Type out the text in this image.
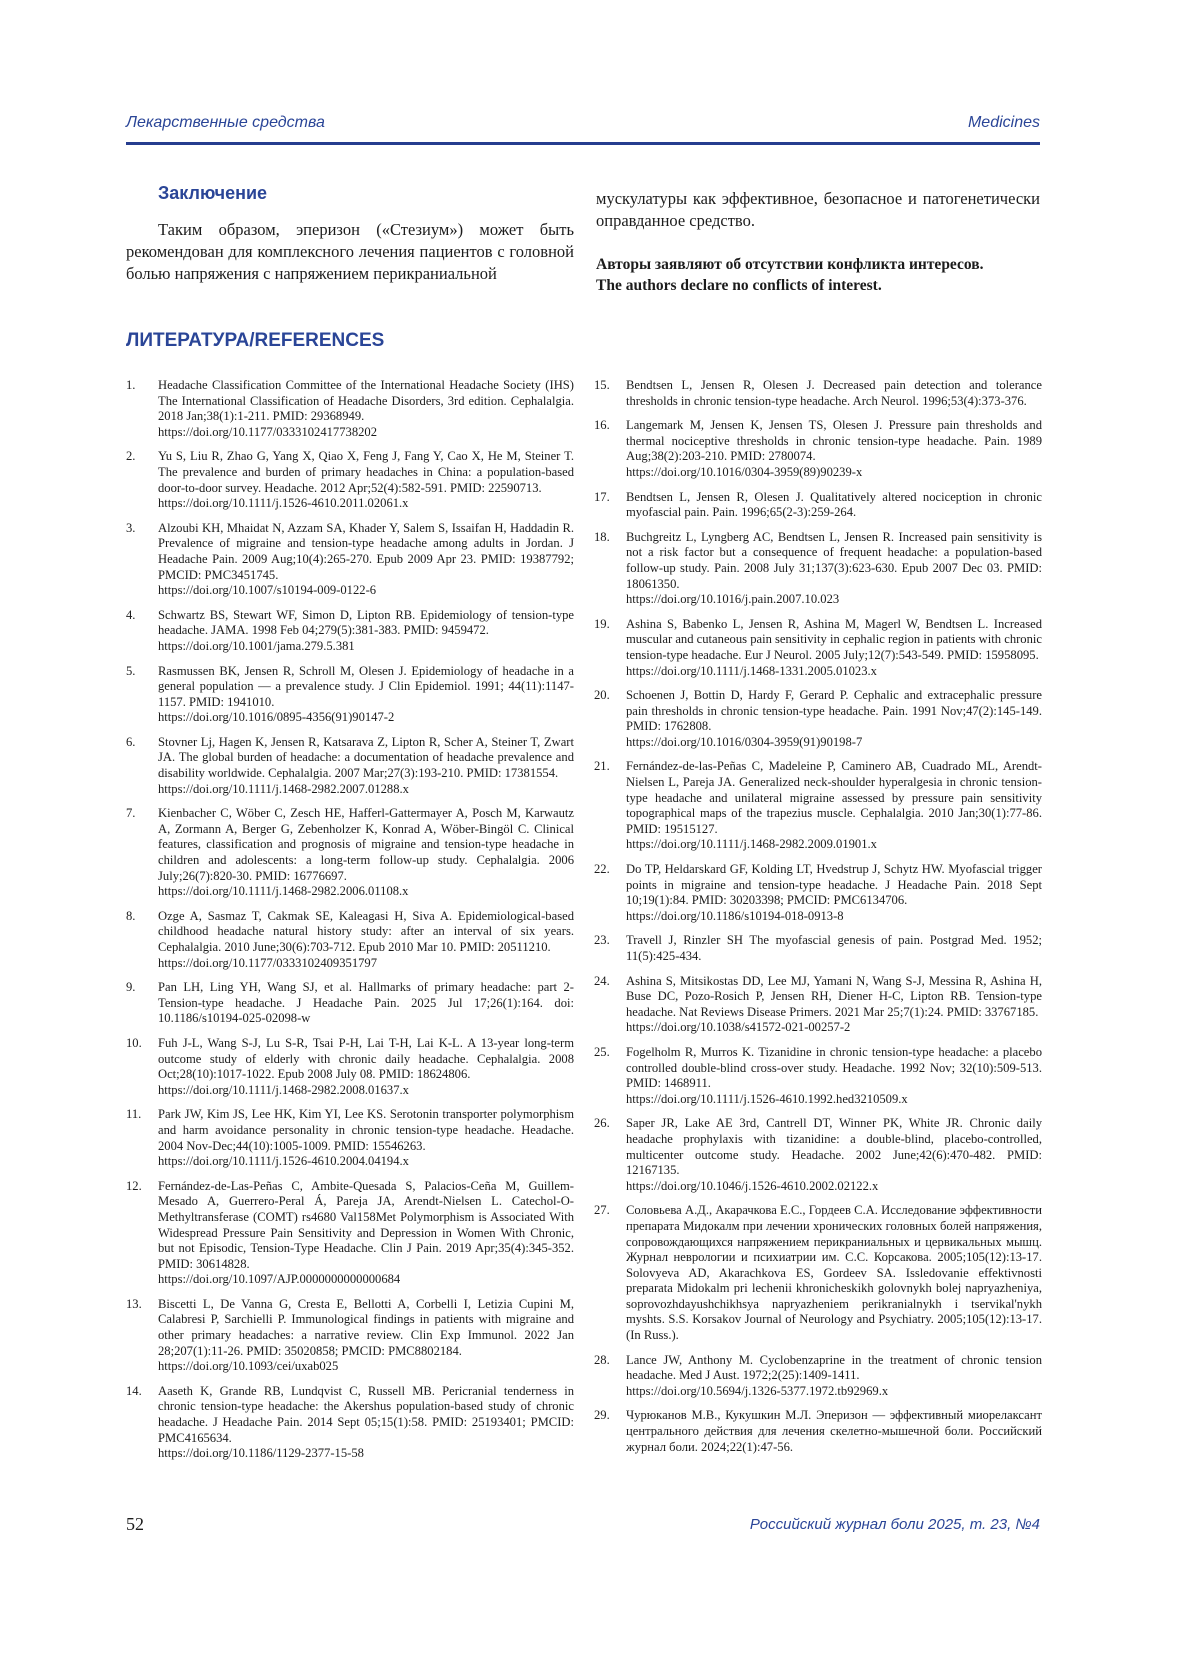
Лекарственные средства	Medicines
Заключение

Таким образом, эперизон («Стезиум») может быть рекомендован для комплексного лечения пациентов с головной болью напряжения с напряжением перикраниальной

мускулатуры как эффективное, безопасное и патогенетически оправданное средство.
Авторы заявляют об отсутствии конфликта интересов.
The authors declare no conflicts of interest.
ЛИТЕРАТУРА/REFERENCES
1. Headache Classification Committee of the International Headache Society (IHS) The International Classification of Headache Disorders, 3rd edition. Cephalalgia. 2018 Jan;38(1):1-211. PMID: 29368949.
https://doi.org/10.1177/0333102417738202
2. Yu S, Liu R, Zhao G, Yang X, Qiao X, Feng J, Fang Y, Cao X, He M, Steiner T. The prevalence and burden of primary headaches in China: a population-based door-to-door survey. Headache. 2012 Apr;52(4):582-591. PMID: 22590713.
https://doi.org/10.1111/j.1526-4610.2011.02061.x
3. Alzoubi KH, Mhaidat N, Azzam SA, Khader Y, Salem S, Issaifan H, Haddadin R. Prevalence of migraine and tension-type headache among adults in Jordan. J Headache Pain. 2009 Aug;10(4):265-270. Epub 2009 Apr 23. PMID: 19387792; PMCID: PMC3451745.
https://doi.org/10.1007/s10194-009-0122-6
4. Schwartz BS, Stewart WF, Simon D, Lipton RB. Epidemiology of tension-type headache. JAMA. 1998 Feb 04;279(5):381-383. PMID: 9459472.
https://doi.org/10.1001/jama.279.5.381
5. Rasmussen BK, Jensen R, Schroll M, Olesen J. Epidemiology of headache in a general population — a prevalence study. J Clin Epidemiol. 1991; 44(11):1147-1157. PMID: 1941010.
https://doi.org/10.1016/0895-4356(91)90147-2
6. Stovner Lj, Hagen K, Jensen R, Katsarava Z, Lipton R, Scher A, Steiner T, Zwart JA. The global burden of headache: a documentation of headache prevalence and disability worldwide. Cephalalgia. 2007 Mar;27(3):193-210. PMID: 17381554.
https://doi.org/10.1111/j.1468-2982.2007.01288.x
7. Kienbacher C, Wöber C, Zesch HE, Hafferl-Gattermayer A, Posch M, Karwautz A, Zormann A, Berger G, Zebenholzer K, Konrad A, Wöber-Bingöl C. Clinical features, classification and prognosis of migraine and tension-type headache in children and adolescents: a long-term follow-up study. Cephalalgia. 2006 July;26(7):820-30. PMID: 16776697.
https://doi.org/10.1111/j.1468-2982.2006.01108.x
8. Ozge A, Sasmaz T, Cakmak SE, Kaleagasi H, Siva A. Epidemiological-based childhood headache natural history study: after an interval of six years. Cephalalgia. 2010 June;30(6):703-712. Epub 2010 Mar 10. PMID: 20511210.
https://doi.org/10.1177/0333102409351797
9. Pan LH, Ling YH, Wang SJ, et al. Hallmarks of primary headache: part 2- Tension-type headache. J Headache Pain. 2025 Jul 17;26(1):164. doi: 10.1186/s10194-025-02098-w
10. Fuh J-L, Wang S-J, Lu S-R, Tsai P-H, Lai T-H, Lai K-L. A 13-year long-term outcome study of elderly with chronic daily headache. Cephalalgia. 2008 Oct;28(10):1017-1022. Epub 2008 July 08. PMID: 18624806.
https://doi.org/10.1111/j.1468-2982.2008.01637.x
11. Park JW, Kim JS, Lee HK, Kim YI, Lee KS. Serotonin transporter polymorphism and harm avoidance personality in chronic tension-type headache. Headache. 2004 Nov-Dec;44(10):1005-1009. PMID: 15546263.
https://doi.org/10.1111/j.1526-4610.2004.04194.x
12. Fernández-de-Las-Peñas C, Ambite-Quesada S, Palacios-Ceña M, Guillem-Mesado A, Guerrero-Peral Á, Pareja JA, Arendt-Nielsen L. Catechol-O-Methyltransferase (COMT) rs4680 Val158Met Polymorphism is Associated With Widespread Pressure Pain Sensitivity and Depression in Women With Chronic, but not Episodic, Tension-Type Headache. Clin J Pain. 2019 Apr;35(4):345-352. PMID: 30614828.
https://doi.org/10.1097/AJP.0000000000000684
13. Biscetti L, De Vanna G, Cresta E, Bellotti A, Corbelli I, Letizia Cupini M, Calabresi P, Sarchielli P. Immunological findings in patients with migraine and other primary headaches: a narrative review. Clin Exp Immunol. 2022 Jan 28;207(1):11-26. PMID: 35020858; PMCID: PMC8802184.
https://doi.org/10.1093/cei/uxab025
14. Aaseth K, Grande RB, Lundqvist C, Russell MB. Pericranial tenderness in chronic tension-type headache: the Akershus population-based study of chronic headache. J Headache Pain. 2014 Sept 05;15(1):58. PMID: 25193401; PMCID: PMC4165634.
https://doi.org/10.1186/1129-2377-15-58
15. Bendtsen L, Jensen R, Olesen J. Decreased pain detection and tolerance thresholds in chronic tension-type headache. Arch Neurol. 1996;53(4):373-376.
16. Langemark M, Jensen K, Jensen TS, Olesen J. Pressure pain thresholds and thermal nociceptive thresholds in chronic tension-type headache. Pain. 1989 Aug;38(2):203-210. PMID: 2780074.
https://doi.org/10.1016/0304-3959(89)90239-x
17. Bendtsen L, Jensen R, Olesen J. Qualitatively altered nociception in chronic myofascial pain. Pain. 1996;65(2-3):259-264.
18. Buchgreitz L, Lyngberg AC, Bendtsen L, Jensen R. Increased pain sensitivity is not a risk factor but a consequence of frequent headache: a population-based follow-up study. Pain. 2008 July 31;137(3):623-630. Epub 2007 Dec 03. PMID: 18061350.
https://doi.org/10.1016/j.pain.2007.10.023
19. Ashina S, Babenko L, Jensen R, Ashina M, Magerl W, Bendtsen L. Increased muscular and cutaneous pain sensitivity in cephalic region in patients with chronic tension-type headache. Eur J Neurol. 2005 July;12(7):543-549. PMID: 15958095.
https://doi.org/10.1111/j.1468-1331.2005.01023.x
20. Schoenen J, Bottin D, Hardy F, Gerard P. Cephalic and extracephalic pressure pain thresholds in chronic tension-type headache. Pain. 1991 Nov;47(2):145-149. PMID: 1762808.
https://doi.org/10.1016/0304-3959(91)90198-7
21. Fernández-de-las-Peñas C, Madeleine P, Caminero AB, Cuadrado ML, Arendt-Nielsen L, Pareja JA. Generalized neck-shoulder hyperalgesia in chronic tension-type headache and unilateral migraine assessed by pressure pain sensitivity topographical maps of the trapezius muscle. Cephalalgia. 2010 Jan;30(1):77-86. PMID: 19515127.
https://doi.org/10.1111/j.1468-2982.2009.01901.x
22. Do TP, Heldarskard GF, Kolding LT, Hvedstrup J, Schytz HW. Myofascial trigger points in migraine and tension-type headache. J Headache Pain. 2018 Sept 10;19(1):84. PMID: 30203398; PMCID: PMC6134706.
https://doi.org/10.1186/s10194-018-0913-8
23. Travell J, Rinzler SH The myofascial genesis of pain. Postgrad Med. 1952; 11(5):425-434.
24. Ashina S, Mitsikostas DD, Lee MJ, Yamani N, Wang S-J, Messina R, Ashina H, Buse DC, Pozo-Rosich P, Jensen RH, Diener H-C, Lipton RB. Tension-type headache. Nat Reviews Disease Primers. 2021 Mar 25;7(1):24. PMID: 33767185.
https://doi.org/10.1038/s41572-021-00257-2
25. Fogelholm R, Murros K. Tizanidine in chronic tension-type headache: a placebo controlled double-blind cross-over study. Headache. 1992 Nov; 32(10):509-513. PMID: 1468911.
https://doi.org/10.1111/j.1526-4610.1992.hed3210509.x
26. Saper JR, Lake AE 3rd, Cantrell DT, Winner PK, White JR. Chronic daily headache prophylaxis with tizanidine: a double-blind, placebo-controlled, multicenter outcome study. Headache. 2002 June;42(6):470-482. PMID: 12167135.
https://doi.org/10.1046/j.1526-4610.2002.02122.x
27. Соловьева А.Д., Акарачкова Е.С., Гордеев С.А. Исследование эффективности препарата Мидокалм при лечении хронических головных болей напряжения, сопровождающихся напряжением перикраниальных и цервикальных мышц. Журнал неврологии и психиатрии им. С.С. Корсакова. 2005;105(12):13-17. Solovyeva AD, Akarachkova ES, Gordeev SA. Issledovanie effektivnosti preparata Midokalm pri lechenii khronicheskikh golovnykh bolej napryazheniya, soprovozhdayushchikhsya napryazheniem perikranialnykh i tservikal'nykh myshts. S.S. Korsakov Journal of Neurology and Psychiatry. 2005;105(12):13-17. (In Russ.).
28. Lance JW, Anthony M. Cyclobenzaprine in the treatment of chronic tension headache. Med J Aust. 1972;2(25):1409-1411.
https://doi.org/10.5694/j.1326-5377.1972.tb92969.x
29. Чурюканов М.В., Кукушкин М.Л. Эперизон — эффективный миорелаксант центрального действия для лечения скелетно-мышечной боли. Российский журнал боли. 2024;22(1):47-56.
52	Российский журнал боли 2025, т. 23, №4
